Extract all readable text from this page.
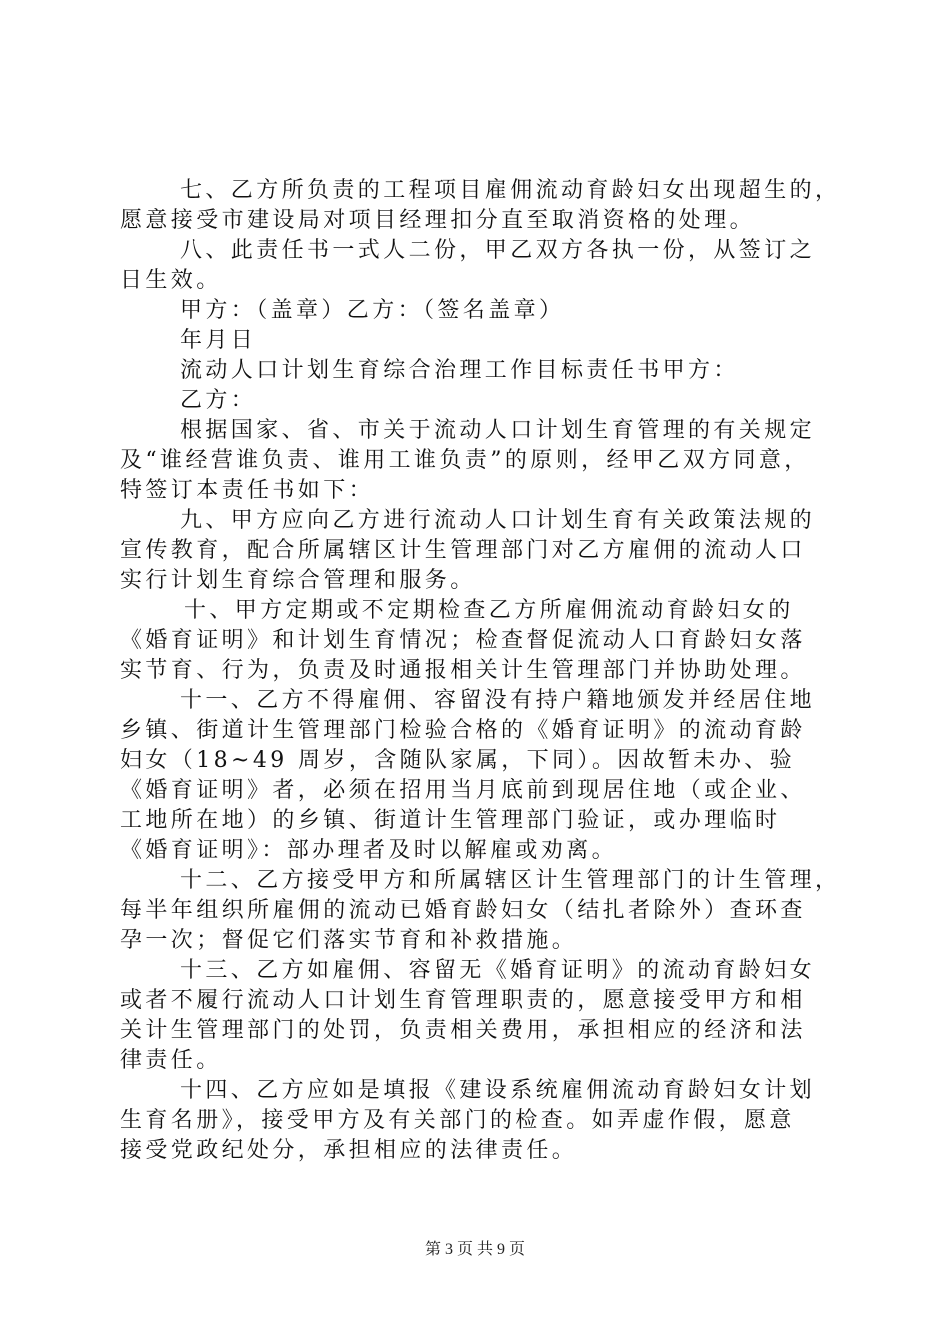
七、乙方所负责的工程项目雇佣流动育龄妇女出现超生的，
愿意接受市建设局对项目经理扣分直至取消资格的处理。
八、此责任书一式人二份，甲乙双方各执一份，从签订之
日生效。
甲方：（盖章）乙方：（签名盖章）
年月日
流动人口计划生育综合治理工作目标责任书甲方：
乙方：
根据国家、省、市关于流动人口计划生育管理的有关规定
及“谁经营谁负责、谁用工谁负责”的原则，经甲乙双方同意，
特签订本责任书如下：
九、甲方应向乙方进行流动人口计划生育有关政策法规的
宣传教育，配合所属辖区计生管理部门对乙方雇佣的流动人口
实行计划生育综合管理和服务。
十、甲方定期或不定期检查乙方所雇佣流动育龄妇女的
《婚育证明》和计划生育情况；检查督促流动人口育龄妇女落
实节育、行为，负责及时通报相关计生管理部门并协助处理。
十一、乙方不得雇佣、容留没有持户籍地颁发并经居住地
乡镇、街道计生管理部门检验合格的《婚育证明》的流动育龄
妇女（18~49 周岁，含随队家属，下同）。因故暂未办、验
《婚育证明》者，必须在招用当月底前到现居住地（或企业、
工地所在地）的乡镇、街道计生管理部门验证，或办理临时
《婚育证明》：部办理者及时以解雇或劝离。
十二、乙方接受甲方和所属辖区计生管理部门的计生管理，
每半年组织所雇佣的流动已婚育龄妇女（结扎者除外）查环查
孕一次；督促它们落实节育和补救措施。
十三、乙方如雇佣、容留无《婚育证明》的流动育龄妇女
或者不履行流动人口计划生育管理职责的，愿意接受甲方和相
关计生管理部门的处罚，负责相关费用，承担相应的经济和法
律责任。
十四、乙方应如是填报《建设系统雇佣流动育龄妇女计划
生育名册》，接受甲方及有关部门的检查。如弄虚作假，愿意
接受党政纪处分，承担相应的法律责任。
第 3 页 共 9 页
